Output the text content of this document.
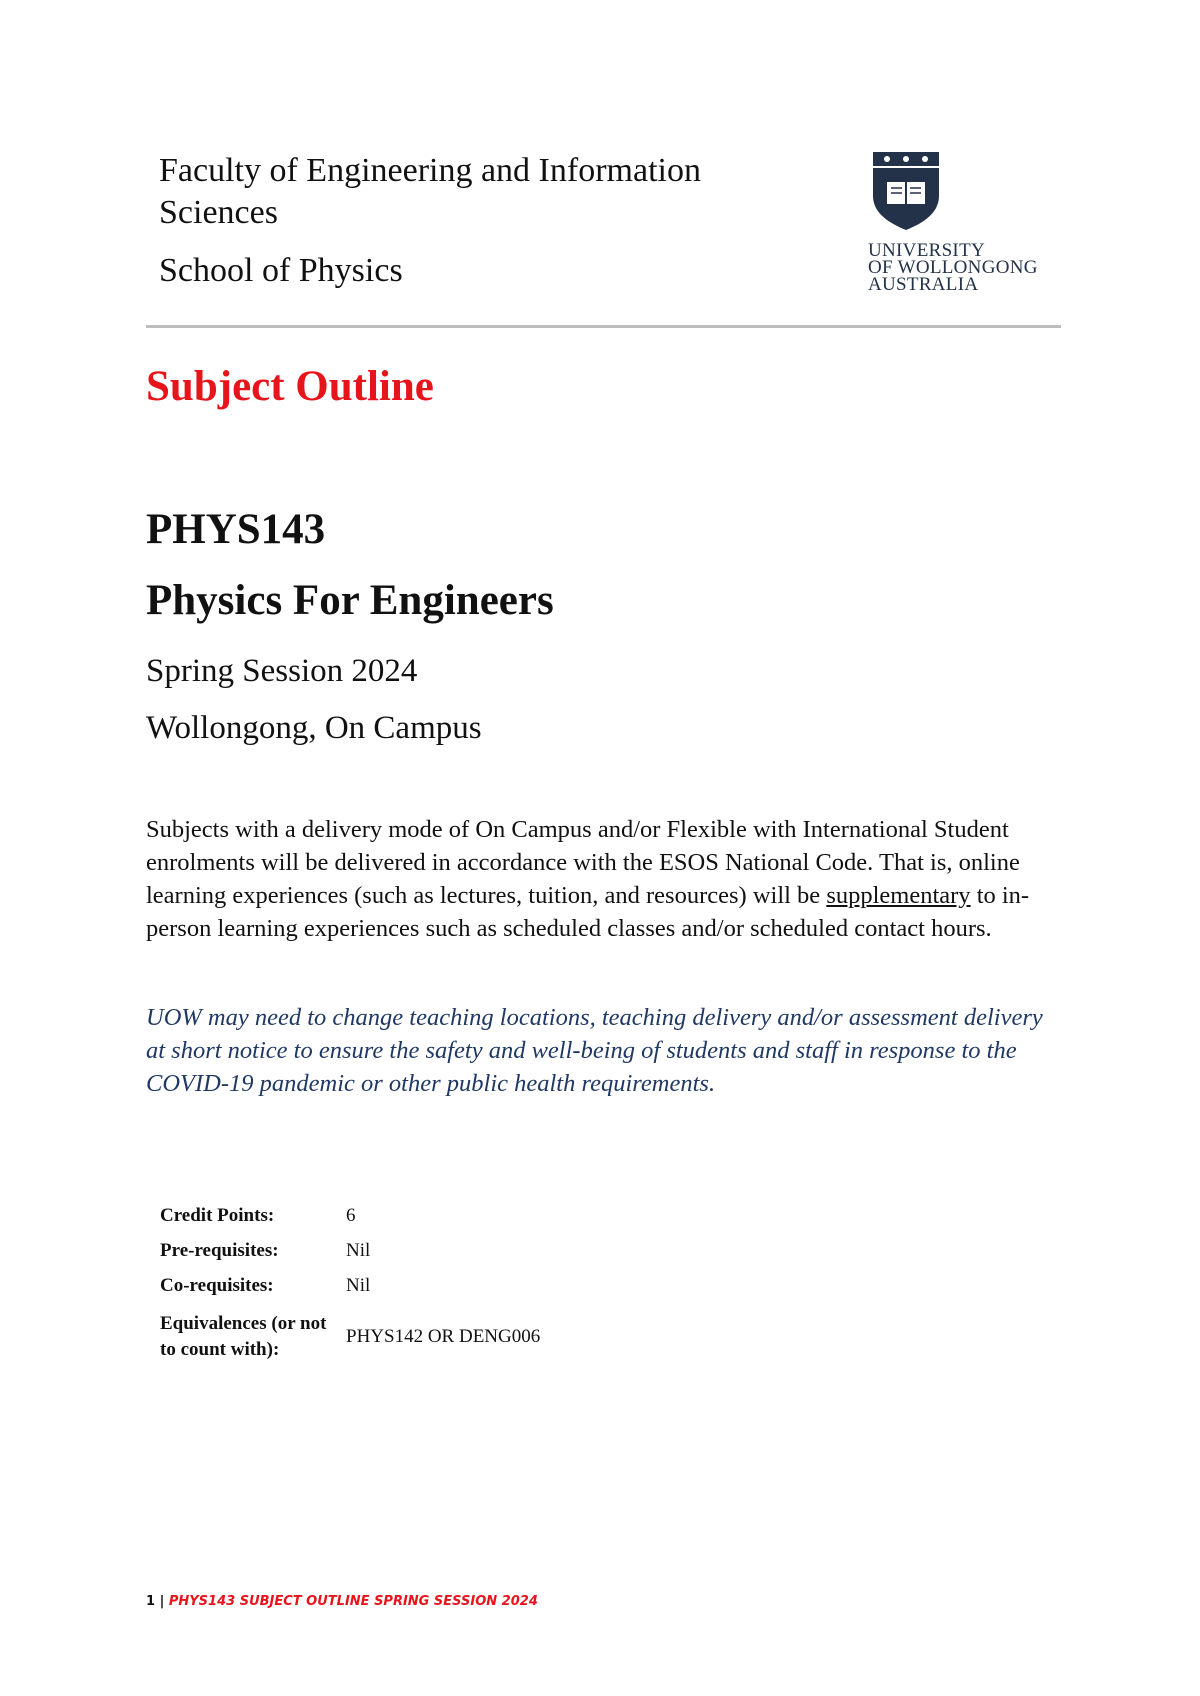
Faculty of Engineering and Information Sciences
School of Physics
UNIVERSITY
OF WOLLONGONG
AUSTRALIA
Subject Outline
PHYS143
Physics For Engineers
Spring Session 2024
Wollongong, On Campus
Subjects with a delivery mode of On Campus and/or Flexible with International Student enrolments will be delivered in accordance with the ESOS National Code. That is, online learning experiences (such as lectures, tuition, and resources) will be supplementary to in-person learning experiences such as scheduled classes and/or scheduled contact hours.
UOW may need to change teaching locations, teaching delivery and/or assessment delivery at short notice to ensure the safety and well-being of students and staff in response to the COVID-19 pandemic or other public health requirements.
Credit Points:	6
Pre-requisites:	Nil
Co-requisites:	Nil
Equivalences (or not to count with):	PHYS142 OR DENG006
1 | PHYS143 SUBJECT OUTLINE SPRING SESSION 2024
